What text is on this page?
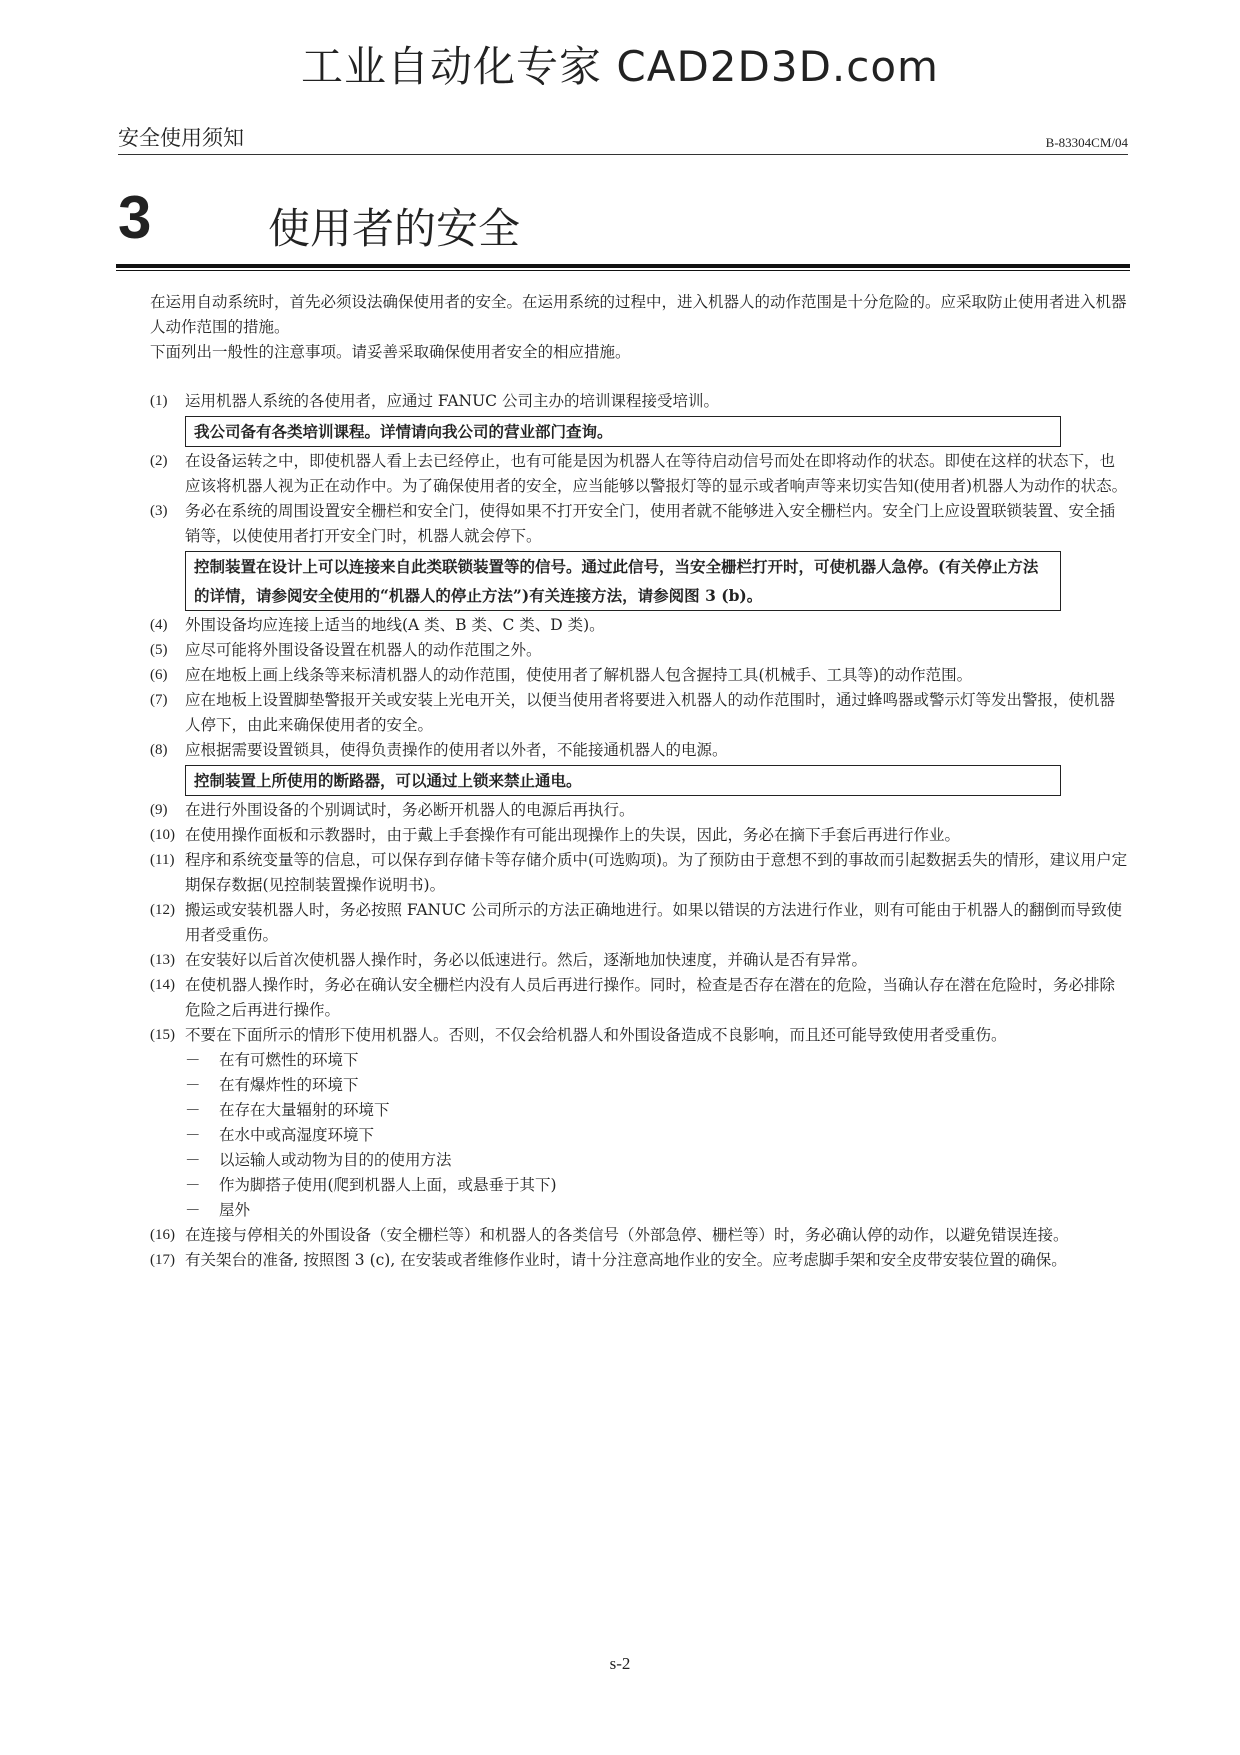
工业自动化专家 CAD2D3D.com
安全使用须知	B-83304CM/04
3	使用者的安全

在运用自动系统时，首先必须设法确保使用者的安全。在运用系统的过程中，进入机器人的动作范围是十分危险的。应采取防止使用者进入机器人动作范围的措施。

下面列出一般性的注意事项。请妥善采取确保使用者安全的相应措施。

(1)	运用机器人系统的各使用者，应通过 FANUC 公司主办的培训课程接受培训。
我公司备有各类培训课程。详情请向我公司的营业部门查询。
(2)	在设备运转之中，即使机器人看上去已经停止，也有可能是因为机器人在等待启动信号而处在即将动作的状态。即使在这样的状态下，也应该将机器人视为正在动作中。为了确保使用者的安全，应当能够以警报灯等的显示或者响声等来切实告知(使用者)机器人为动作的状态。
(3)	务必在系统的周围设置安全栅栏和安全门，使得如果不打开安全门，使用者就不能够进入安全栅栏内。安全门上应设置联锁装置、安全插销等，以使使用者打开安全门时，机器人就会停下。
控制装置在设计上可以连接来自此类联锁装置等的信号。通过此信号，当安全栅栏打开时，可使机器人急停。(有关停止方法的详情，请参阅安全使用的“机器人的停止方法”)有关连接方法，请参阅图 3 (b)。
(4)	外围设备均应连接上适当的地线(A 类、B 类、C 类、D 类)。
(5)	应尽可能将外围设备设置在机器人的动作范围之外。
(6)	应在地板上画上线条等来标清机器人的动作范围，使使用者了解机器人包含握持工具(机械手、工具等)的动作范围。
(7)	应在地板上设置脚垫警报开关或安装上光电开关，以便当使用者将要进入机器人的动作范围时，通过蜂鸣器或警示灯等发出警报，使机器人停下，由此来确保使用者的安全。
(8)	应根据需要设置锁具，使得负责操作的使用者以外者，不能接通机器人的电源。
控制装置上所使用的断路器，可以通过上锁来禁止通电。
(9)	在进行外围设备的个别调试时，务必断开机器人的电源后再执行。
(10) 在使用操作面板和示教器时，由于戴上手套操作有可能出现操作上的失误，因此，务必在摘下手套后再进行作业。
(11) 程序和系统变量等的信息，可以保存到存储卡等存储介质中(可选购项)。为了预防由于意想不到的事故而引起数据丢失的情形，建议用户定期保存数据(见控制装置操作说明书)。
(12) 搬运或安装机器人时，务必按照 FANUC 公司所示的方法正确地进行。如果以错误的方法进行作业，则有可能由于机器人的翻倒而导致使用者受重伤。
(13) 在安装好以后首次使机器人操作时，务必以低速进行。然后，逐渐地加快速度，并确认是否有异常。
(14) 在使机器人操作时，务必在确认安全栅栏内没有人员后再进行操作。同时，检查是否存在潜在的危险，当确认存在潜在危险时，务必排除危险之后再进行操作。
(15) 不要在下面所示的情形下使用机器人。否则，不仅会给机器人和外围设备造成不良影响，而且还可能导致使用者受重伤。
－ 在有可燃性的环境下
－ 在有爆炸性的环境下
－ 在存在大量辐射的环境下
－ 在水中或高湿度环境下
－ 以运输人或动物为目的的使用方法
－ 作为脚搭子使用(爬到机器人上面，或悬垂于其下)
－ 屋外
(16) 在连接与停相关的外围设备（安全栅栏等）和机器人的各类信号（外部急停、栅栏等）时，务必确认停的动作，以避免错误连接。
(17) 有关架台的准备, 按照图 3 (c), 在安装或者维修作业时，请十分注意高地作业的安全。应考虑脚手架和安全皮带安装位置的确保。
s-2
